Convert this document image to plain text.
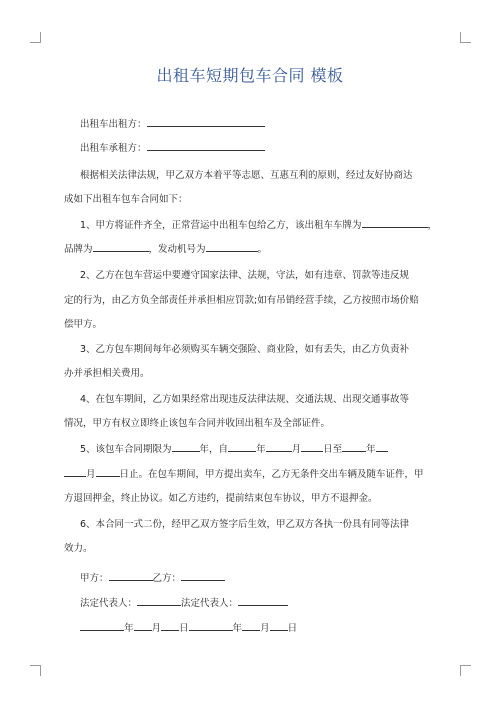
出租车短期包车合同 模板
出租车出租方：
出租车承租方：
根据相关法律法规，甲乙双方本着平等志愿、互惠互利的原则，经过友好协商达
成如下出租车包车合同如下：
1、甲方将证件齐全，正常营运中出租车包给乙方，该出租车车牌为	，
品牌为	，发动机号为	。
2、乙方在包车营运中要遵守国家法律、法规，守法，如有违章、罚款等违反规
定的行为，由乙方负全部责任并承担相应罚款;如有吊销经营手续，乙方按照市场价赔
偿甲方。
3、乙方包车期间每年必须购买车辆交强险、商业险，如有丢失，由乙方负责补
办并承担相关费用。
4、在包车期间，乙方如果经常出现违反法律法规、交通法规、出现交通事故等
情况，甲方有权立即终止该包车合同并收回出租车及全部证件。
5、该包车合同期限为	年，自	年	月 日至	年
月	日止。在包车期间，甲方提出卖车，乙方无条件交出车辆及随车证件，甲
方退回押金，终止协议。如乙方违约，提前结束包车协议，甲方不退押金。
6、本合同一式二份，经甲乙双方签字后生效，甲乙双方各执一份具有同等法律
效力。
甲方：	乙方：
法定代表人：	法定代表人：
年 月 日	年 月 日
